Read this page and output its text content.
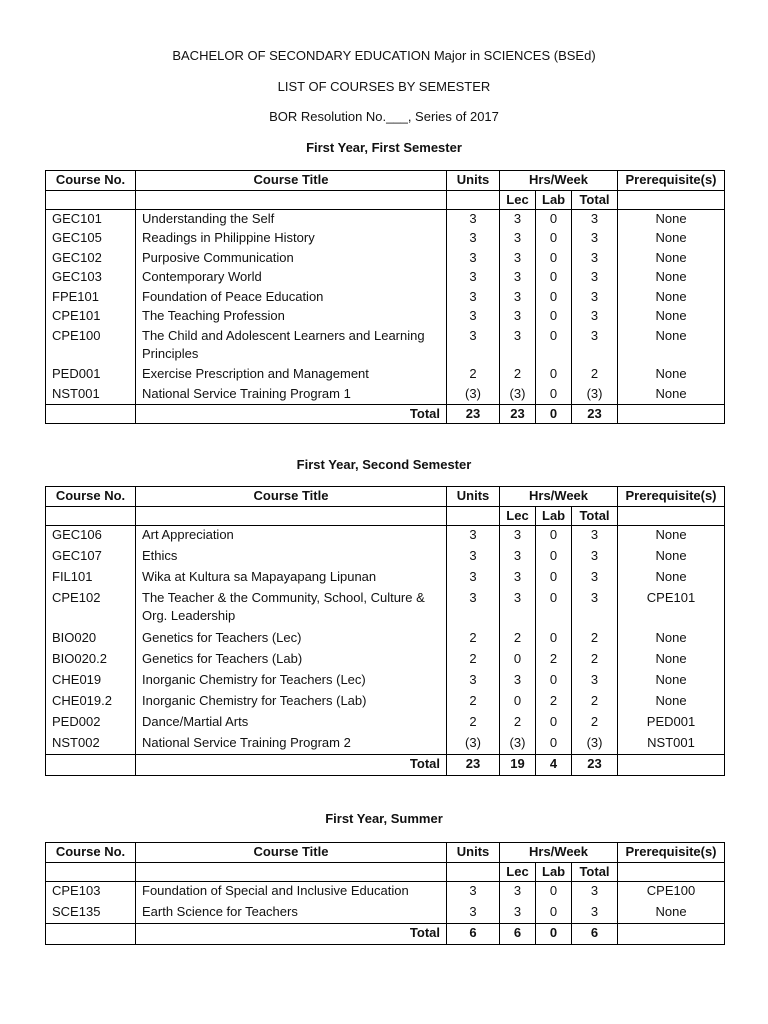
BACHELOR OF SECONDARY EDUCATION Major in SCIENCES (BSEd)
LIST OF COURSES BY SEMESTER
BOR Resolution No.___, Series of 2017
First Year, First Semester
Course No.	Course Title	Units	Hrs/Week			Prerequisite(s)
			Lec	Lab	Total	
GEC101	Understanding the Self	3	3	0	3	None
GEC105	Readings in Philippine History	3	3	0	3	None
GEC102	Purposive Communication	3	3	0	3	None
GEC103	Contemporary World	3	3	0	3	None
FPE101	Foundation of Peace Education	3	3	0	3	None
CPE101	The Teaching Profession	3	3	0	3	None
CPE100	The Child and Adolescent Learners and Learning Principles	3	3	0	3	None
PED001	Exercise Prescription and Management	2	2	0	2	None
NST001	National Service Training Program 1	(3)	(3)	0	(3)	None
	Total	23	23	0	23	
First Year, Second Semester
Course No.	Course Title	Units	Hrs/Week			Prerequisite(s)
			Lec	Lab	Total	
GEC106	Art Appreciation	3	3	0	3	None
GEC107	Ethics	3	3	0	3	None
FIL101	Wika at Kultura sa Mapayapang Lipunan	3	3	0	3	None
CPE102	The Teacher & the Community, School, Culture & Org. Leadership	3	3	0	3	CPE101
BIO020	Genetics for Teachers (Lec)	2	2	0	2	None
BIO020.2	Genetics for Teachers (Lab)	2	0	2	2	None
CHE019	Inorganic Chemistry for Teachers (Lec)	3	3	0	3	None
CHE019.2	Inorganic Chemistry for Teachers (Lab)	2	0	2	2	None
PED002	Dance/Martial Arts	2	2	0	2	PED001
NST002	National Service Training Program 2	(3)	(3)	0	(3)	NST001
	Total	23	19	4	23	
First Year, Summer
Course No.	Course Title	Units	Hrs/Week			Prerequisite(s)
			Lec	Lab	Total	
CPE103	Foundation of Special and Inclusive Education	3	3	0	3	CPE100
SCE135	Earth Science for Teachers	3	3	0	3	None
	Total	6	6	0	6	
